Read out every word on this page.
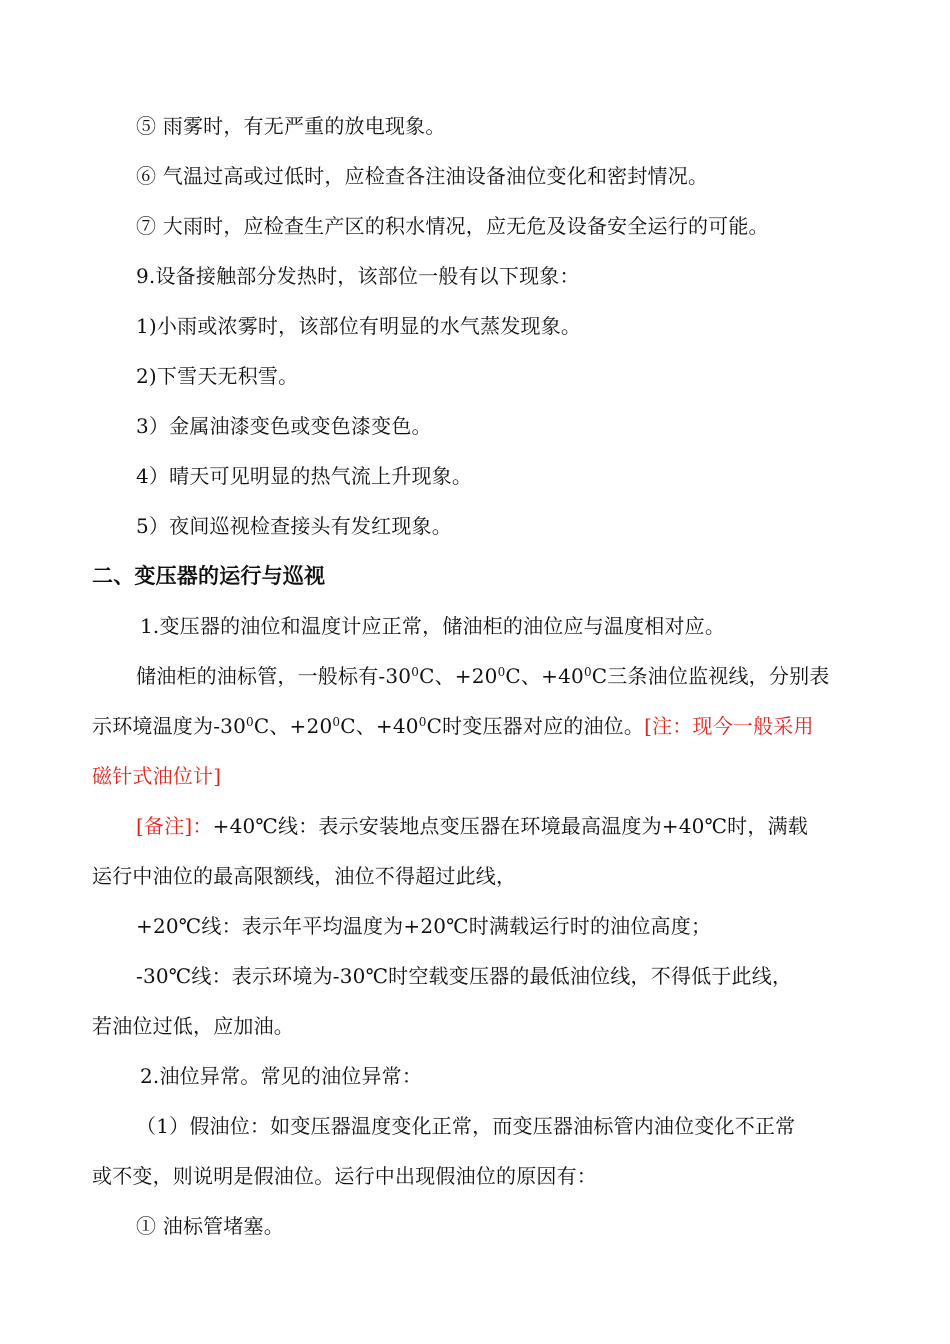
⑤ 雨雾时，有无严重的放电现象。
⑥ 气温过高或过低时，应检查各注油设备油位变化和密封情况。
⑦ 大雨时，应检查生产区的积水情况，应无危及设备安全运行的可能。
9.设备接触部分发热时，该部位一般有以下现象：
1)小雨或浓雾时，该部位有明显的水气蒸发现象。
2)下雪天无积雪。
3）金属油漆变色或变色漆变色。
4）晴天可见明显的热气流上升现象。
5）夜间巡视检查接头有发红现象。
二、变压器的运行与巡视
1.变压器的油位和温度计应正常，储油柜的油位应与温度相对应。
储油柜的油标管，一般标有$-30^0C$、$+20^0C$、$+40^0C$三条油位监视线，分别表
示环境温度为$-30^0C$、$+20^0C$、$+40^0C$时变压器对应的油位。[注：现今一般采用
磁针式油位计]
[备注]：+40℃线：表示安装地点变压器在环境最高温度为+40℃时，满载
运行中油位的最高限额线，油位不得超过此线，
+20℃线：表示年平均温度为+20℃时满载运行时的油位高度；
-30℃线：表示环境为-30℃时空载变压器的最低油位线，不得低于此线，
若油位过低，应加油。
2.油位异常。常见的油位异常：
（1）假油位：如变压器温度变化正常，而变压器油标管内油位变化不正常
或不变，则说明是假油位。运行中出现假油位的原因有：
① 油标管堵塞。
